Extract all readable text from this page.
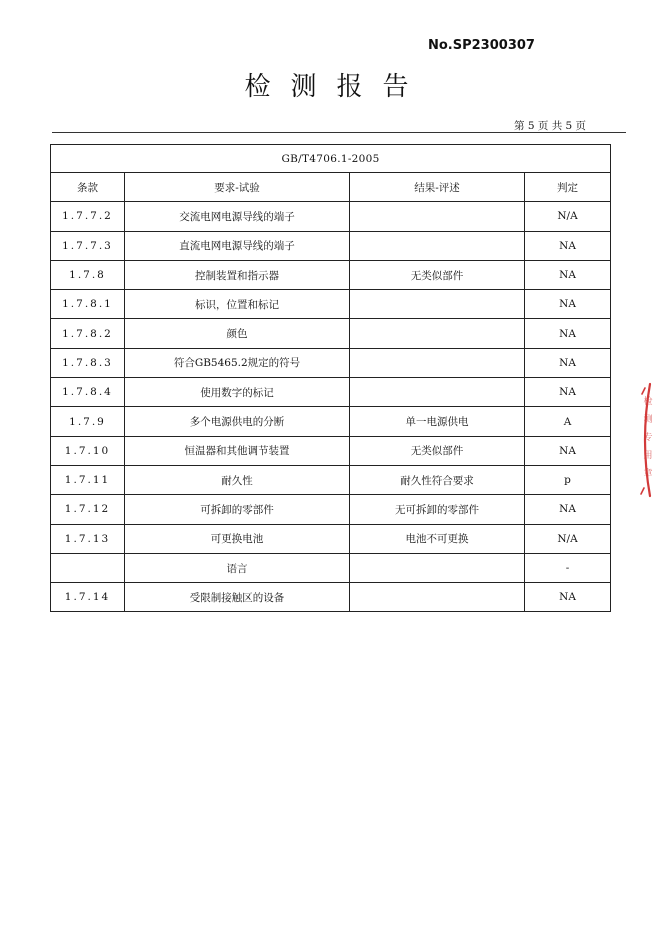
No.SP2300307
检测报告
第 5 页 共 5 页
GB/T4706.1-2005			
条款	要求-试验	结果-评述	判定
1.7.7.2	交流电网电源导线的端子		N/A
1.7.7.3	直流电网电源导线的端子		NA
1.7.8	控制装置和指示器	无类似部件	NA
1.7.8.1	标识，位置和标记		NA
1.7.8.2	颜色		NA
1.7.8.3	符合GB5465.2规定的符号		NA
1.7.8.4	使用数字的标记		NA
1.7.9	多个电源供电的分断	单一电源供电	A
1.7.10	恒温器和其他调节装置	无类似部件	NA
1.7.11	耐久性	耐久性符合要求	p
1.7.12	可拆卸的零部件	无可拆卸的零部件	NA
1.7.13	可更换电池	电池不可更换	N/A
	语言		-
1.7.14	受限制接触区的设备		NA
检
测
专
用
章
